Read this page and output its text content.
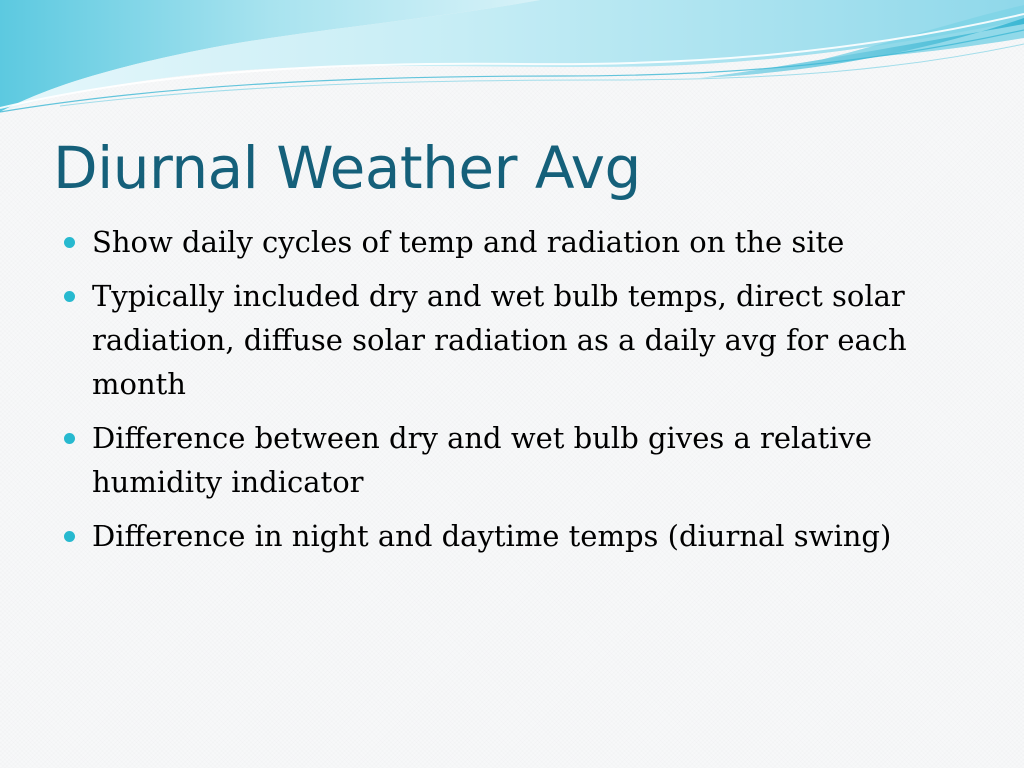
Diurnal Weather Avg
Show daily cycles of temp and radiation on the site
Typically included dry and wet bulb temps, direct solar radiation, diffuse solar radiation as a daily avg for each month
Difference between dry and wet bulb gives a relative humidity indicator
Difference in night and daytime temps (diurnal swing)
